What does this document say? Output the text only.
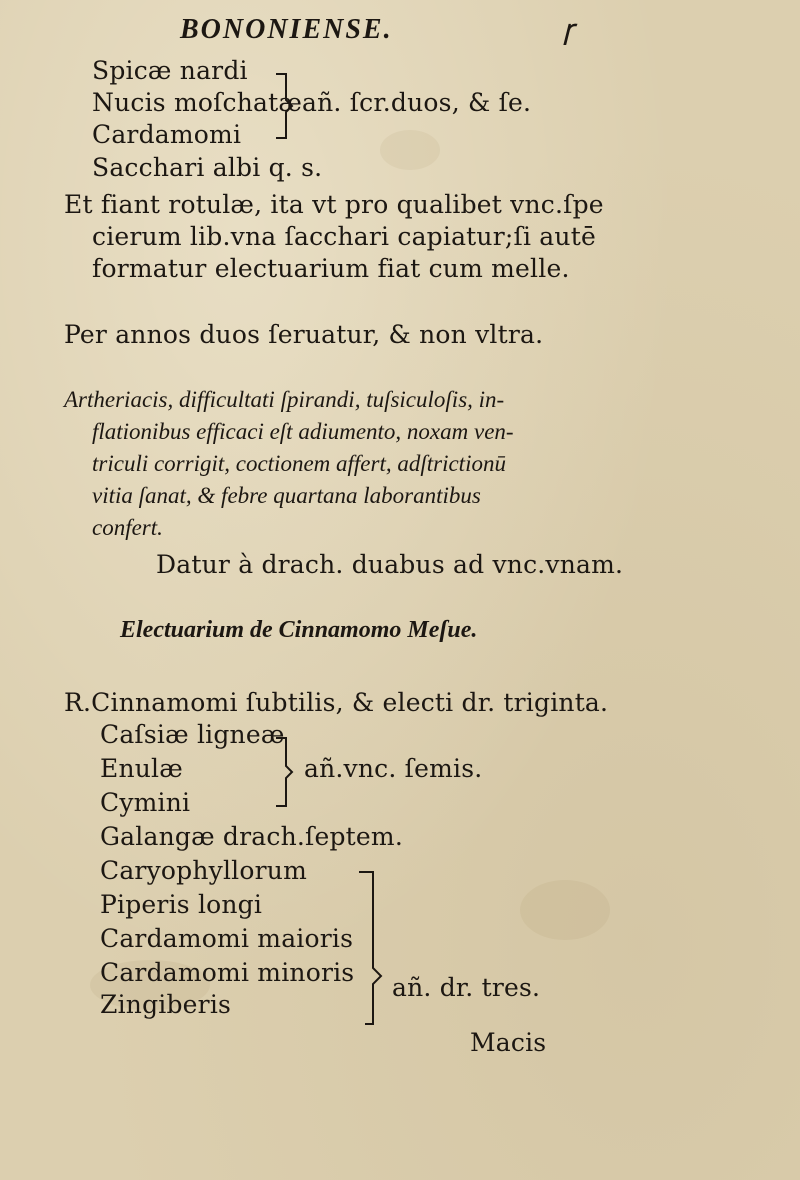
BONONIENSE.	Ꞅ
Spicæ nardi
Nucis moſchatæ
Cardamomi
añ. ſcr.duos, & ſe.
Sacchari albi q. s.
Et fiant rotulæ, ita vt pro qualibet vnc.ſpe
cierum lib.vna ſacchari capiatur;ſi autē
formatur electuarium fiat cum melle.
Per annos duos ſeruatur, & non vltra.
Artheriacis, difficultati ſpirandi, tuſsiculoſis, in-
flationibus efficaci eſt adiumento, noxam ven-
triculi corrigit, coctionem affert, adſtrictionū
vitia ſanat, & febre quartana laborantibus
confert.
Datur à drach. duabus ad vnc.vnam.
Electuarium de Cinnamomo Meſue.
R.Cinnamomi ſubtilis, & electi dr. triginta.
Caſsiæ ligneæ
Enulæ
Cymini
añ.vnc. ſemis.
Galangæ drach.ſeptem.
Caryophyllorum
Piperis longi
Cardamomi maioris
Cardamomi minoris
Zingiberis
añ. dr. tres.
Macis
